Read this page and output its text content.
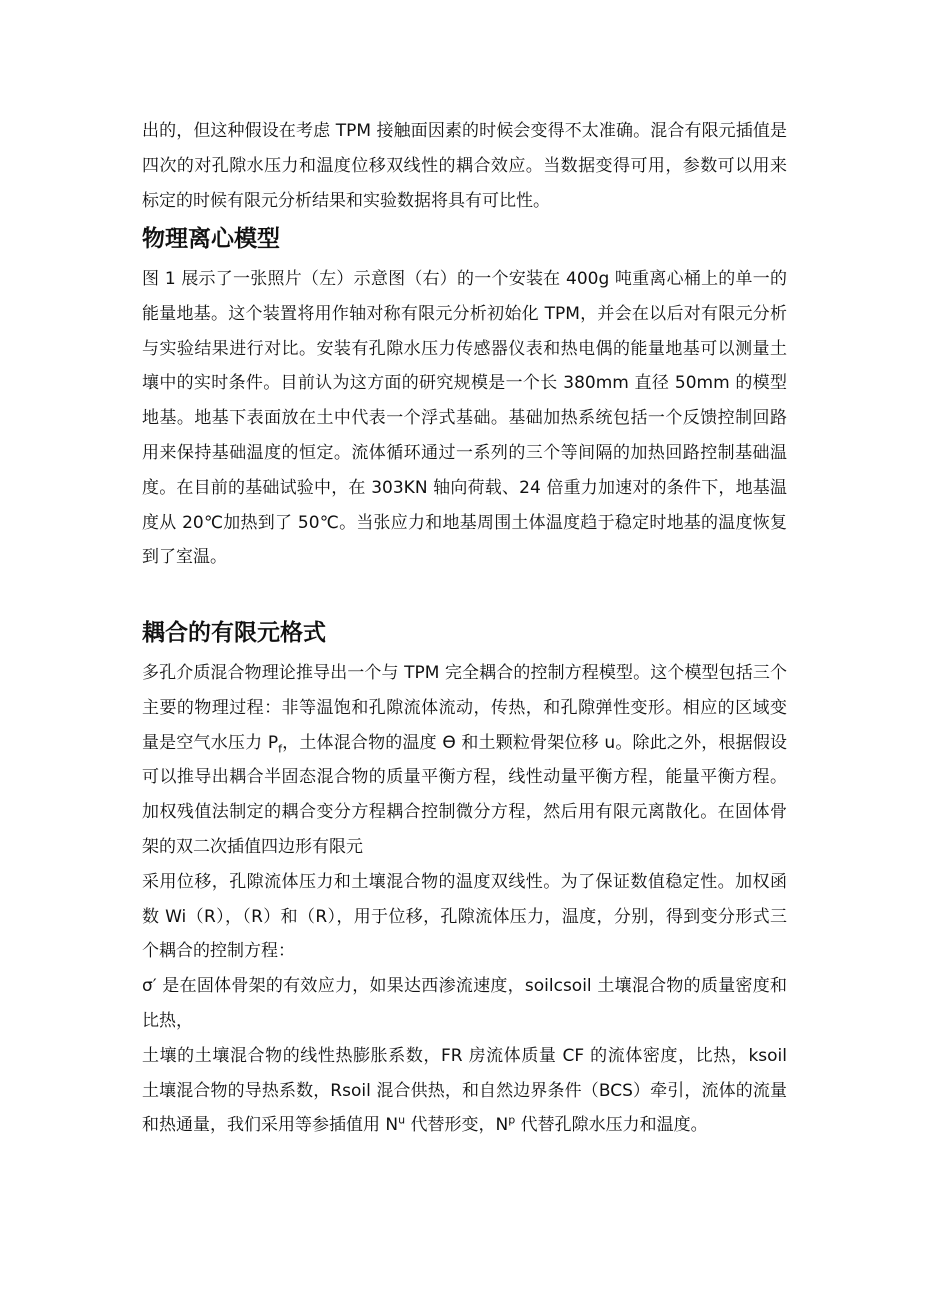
出的，但这种假设在考虑 TPM 接触面因素的时候会变得不太准确。混合有限元插值是四次的对孔隙水压力和温度位移双线性的耦合效应。当数据变得可用，参数可以用来标定的时候有限元分析结果和实验数据将具有可比性。

物理离心模型

图 1 展示了一张照片（左）示意图（右）的一个安装在 400g 吨重离心桶上的单一的能量地基。这个装置将用作轴对称有限元分析初始化 TPM，并会在以后对有限元分析与实验结果进行对比。安装有孔隙水压力传感器仪表和热电偶的能量地基可以测量土壤中的实时条件。目前认为这方面的研究规模是一个长 380mm 直径 50mm 的模型地基。地基下表面放在土中代表一个浮式基础。基础加热系统包括一个反馈控制回路用来保持基础温度的恒定。流体循环通过一系列的三个等间隔的加热回路控制基础温度。在目前的基础试验中，在 303KN 轴向荷载、24 倍重力加速对的条件下，地基温度从 20℃加热到了 50℃。当张应力和地基周围土体温度趋于稳定时地基的温度恢复到了室温。

耦合的有限元格式

多孔介质混合物理论推导出一个与 TPM 完全耦合的控制方程模型。这个模型包括三个主要的物理过程：非等温饱和孔隙流体流动，传热，和孔隙弹性变形。相应的区域变量是空气水压力 $P_f$，土体混合物的温度 Ө 和土颗粒骨架位移 u。除此之外，根据假设可以推导出耦合半固态混合物的质量平衡方程，线性动量平衡方程，能量平衡方程。加权残值法制定的耦合变分方程耦合控制微分方程，然后用有限元离散化。在固体骨架的双二次插值四边形有限元

采用位移，孔隙流体压力和土壤混合物的温度双线性。为了保证数值稳定性。加权函数 Wi（R），（R）和（R），用于位移，孔隙流体压力，温度，分别，得到变分形式三个耦合的控制方程：

σ′ 是在固体骨架的有效应力，如果达西渗流速度，soilcsoil 土壤混合物的质量密度和比热，

土壤的土壤混合物的线性热膨胀系数，FR 房流体质量 CF 的流体密度，比热，ksoil 土壤混合物的导热系数，Rsoil 混合供热，和自然边界条件（BCS）牵引，流体的流量和热通量，我们采用等参插值用 $N^u$ 代替形变，$N^p$ 代替孔隙水压力和温度。
